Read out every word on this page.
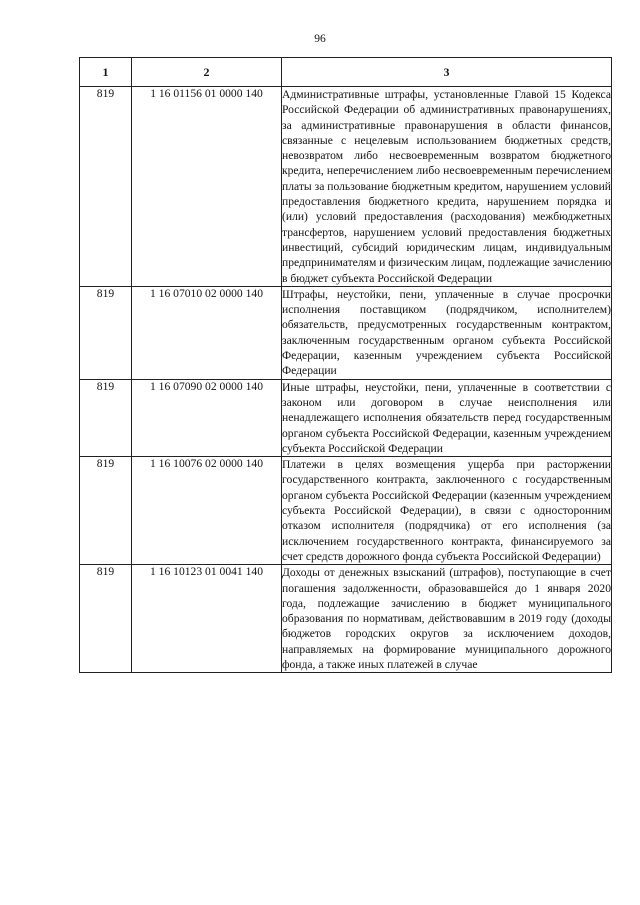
96
1	2	3
819	1 16 01156 01 0000 140	Административные штрафы, установленные Главой 15 Кодекса Российской Федерации об административных правонарушениях, за административные правонарушения в области финансов, связанные с нецелевым использованием бюджетных средств, невозвратом либо несвоевременным возвратом бюджетного кредита, неперечислением либо несвоевременным перечислением платы за пользование бюджетным кредитом, нарушением условий предоставления бюджетного кредита, нарушением порядка и (или) условий предоставления (расходования) межбюджетных трансфертов, нарушением условий предоставления бюджетных инвестиций, субсидий юридическим лицам, индивидуальным предпринимателям и физическим лицам, подлежащие зачислению в бюджет субъекта Российской Федерации
819	1 16 07010 02 0000 140	Штрафы, неустойки, пени, уплаченные в случае просрочки исполнения поставщиком (подрядчиком, исполнителем) обязательств, предусмотренных государственным контрактом, заключенным государственным органом субъекта Российской Федерации, казенным учреждением субъекта Российской Федерации
819	1 16 07090 02 0000 140	Иные штрафы, неустойки, пени, уплаченные в соответствии с законом или договором в случае неисполнения или ненадлежащего исполнения обязательств перед государственным органом субъекта Российской Федерации, казенным учреждением субъекта Российской Федерации
819	1 16 10076 02 0000 140	Платежи в целях возмещения ущерба при расторжении государственного контракта, заключенного с государственным органом субъекта Российской Федерации (казенным учреждением субъекта Российской Федерации), в связи с односторонним отказом исполнителя (подрядчика) от его исполнения (за исключением государственного контракта, финансируемого за счет средств дорожного фонда субъекта Российской Федерации)
819	1 16 10123 01 0041 140	Доходы от денежных взысканий (штрафов), поступающие в счет погашения задолженности, образовавшейся до 1 января 2020 года, подлежащие зачислению в бюджет муниципального образования по нормативам, действовавшим в 2019 году (доходы бюджетов городских округов за исключением доходов, направляемых на формирование муниципального дорожного фонда, а также иных платежей в случае
